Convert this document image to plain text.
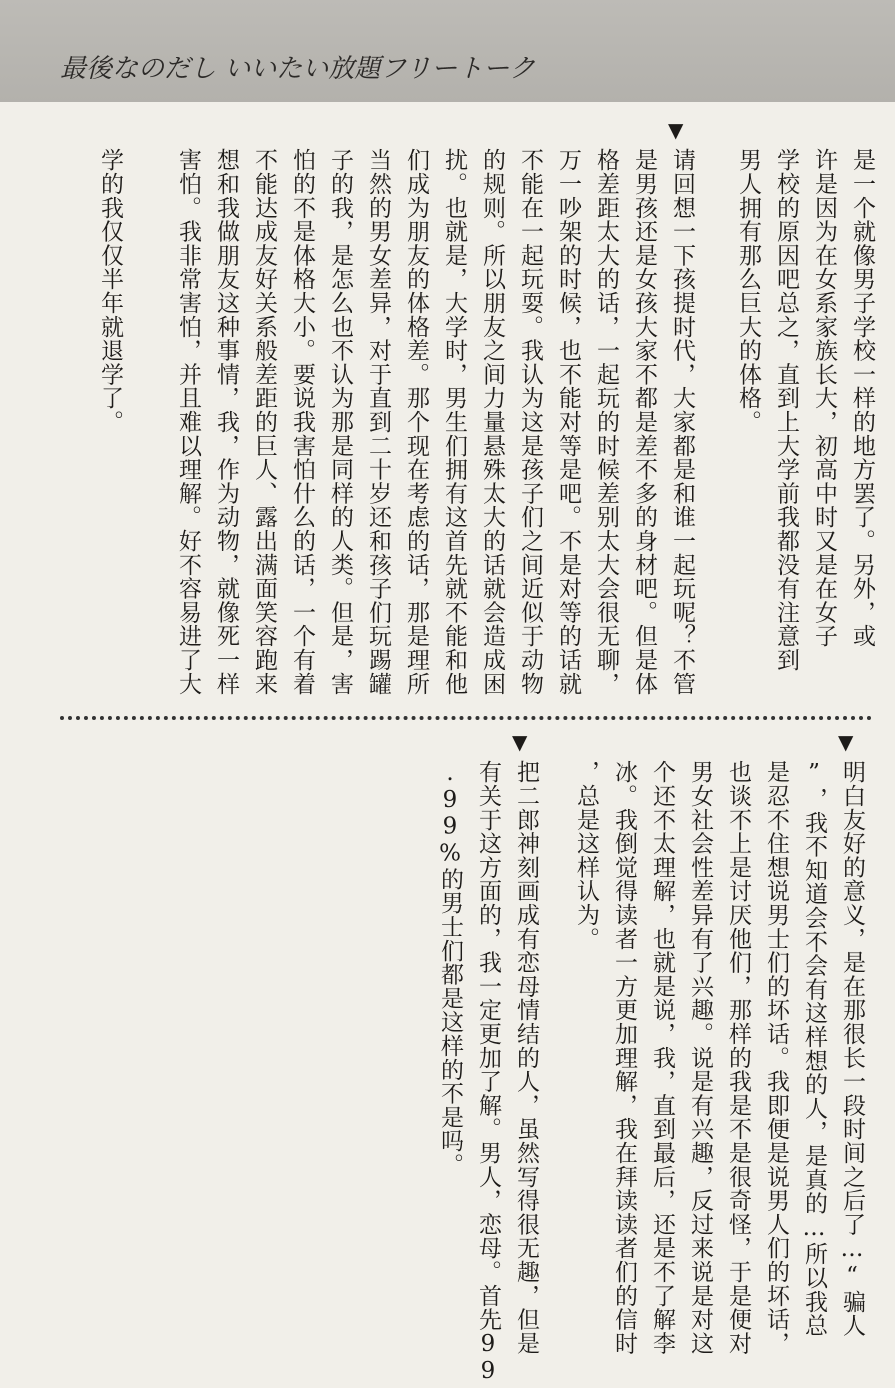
最後なのだし いいたい放題フリートーク
是一个就像男子学校一样的地方罢了。另外，或
许是因为在女系家族长大，初高中时又是在女子
学校的原因吧总之，直到上大学前我都没有注意到
男人拥有那么巨大的体格。
▼
请回想一下孩提时代，大家都是和谁一起玩呢？不管
是男孩还是女孩大家不都是差不多的身材吧。但是体
格差距太大的话，一起玩的时候差别太大会很无聊，
万一吵架的时候，也不能对等是吧。不是对等的话就
不能在一起玩耍。我认为这是孩子们之间近似于动物
的规则。所以朋友之间力量悬殊太大的话就会造成困
扰。也就是，大学时，男生们拥有这首先就不能和他
们成为朋友的体格差。那个现在考虑的话，那是理所
当然的男女差异，对于直到二十岁还和孩子们玩踢罐
子的我，是怎么也不认为那是同样的人类。但是，害
怕的不是体格大小。要说我害怕什么的话，一个有着
不能达成友好关系般差距的巨人、露出满面笑容跑来
想和我做朋友这种事情，我，作为动物，就像死一样
害怕。我非常害怕，并且难以理解。好不容易进了大
学的我仅仅半年就退学了。
▼
明白友好的意义，是在那很长一段时间之后了…“骗人
”，我不知道会不会有这样想的人，是真的…所以我总
是忍不住想说男士们的坏话。我即便是说男人们的坏话，
也谈不上是讨厌他们，那样的我是不是很奇怪，于是便对
男女社会性差异有了兴趣。说是有兴趣，反过来说是对这
个还不太理解，也就是说，我，直到最后，还是不了解李
冰。我倒觉得读者一方更加理解，我在拜读读者们的信时
，总是这样认为。
▼
把二郎神刻画成有恋母情结的人，虽然写得很无趣，但是
有关于这方面的，我一定更加了解。男人，恋母。首先99
.99%的男士们都是这样的不是吗。
